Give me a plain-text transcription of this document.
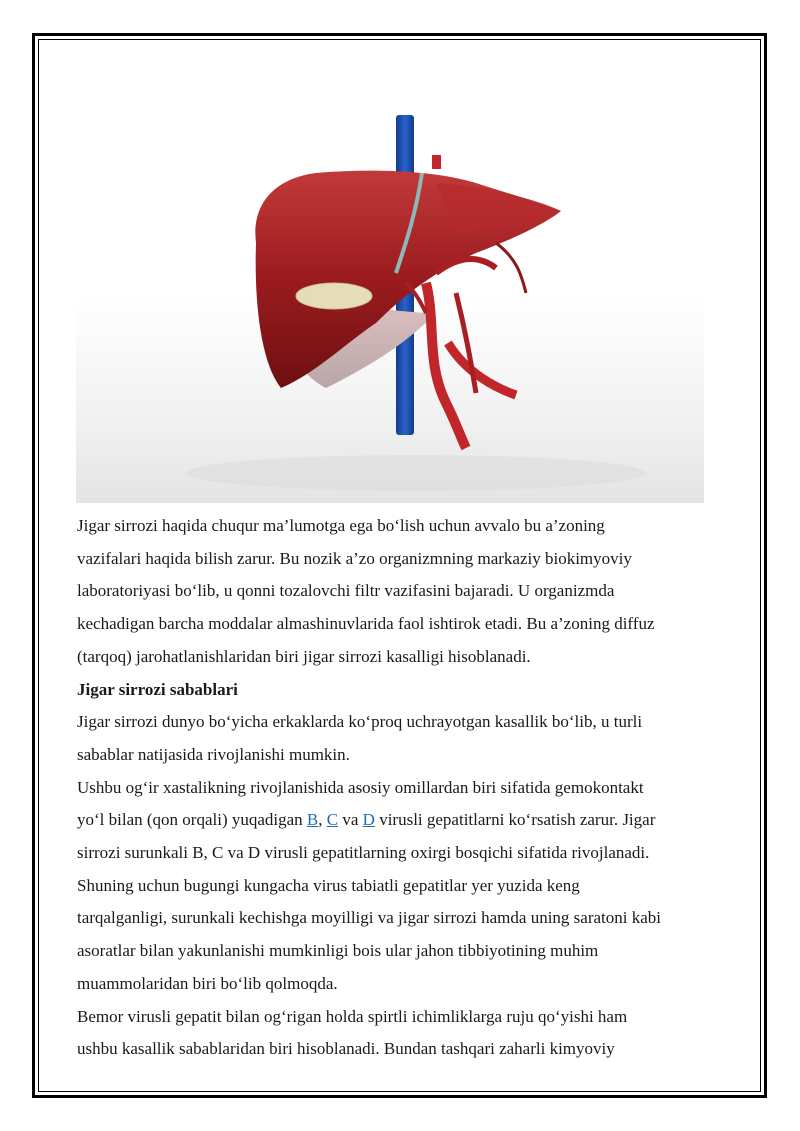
Jigar sirrozi haqida chuqur ma’lumotga ega bo‘lish uchun avvalo bu a’zoning
vazifalari haqida bilish zarur. Bu nozik a’zo organizmning markaziy biokimyoviy
laboratoriyasi bo‘lib, u qonni tozalovchi filtr vazifasini bajaradi. U organizmda
kechadigan barcha moddalar almashinuvlarida faol ishtirok etadi. Bu a’zoning diffuz
(tarqoq) jarohatlanishlaridan biri jigar sirrozi kasalligi hisoblanadi.

Jigar sirrozi sabablari

Jigar sirrozi dunyo bo‘yicha erkaklarda ko‘proq uchrayotgan kasallik bo‘lib, u turli
sabablar natijasida rivojlanishi mumkin.

Ushbu og‘ir xastalikning rivojlanishida asosiy omillardan biri sifatida gemokontakt
yo‘l bilan (qon orqali) yuqadigan B, C va D virusli gepatitlarni ko‘rsatish zarur. Jigar
sirrozi surunkali B, C va D virusli gepatitlarning oxirgi bosqichi sifatida rivojlanadi.
Shuning uchun bugungi kungacha virus tabiatli gepatitlar yer yuzida keng
tarqalganligi, surunkali kechishga moyilligi va jigar sirrozi hamda uning saratoni kabi
asoratlar bilan yakunlanishi mumkinligi bois ular jahon tibbiyotining muhim
muammolaridan biri bo‘lib qolmoqda.

Bemor virusli gepatit bilan og‘rigan holda spirtli ichimliklarga ruju qo‘yishi ham
ushbu kasallik sabablaridan biri hisoblanadi. Bundan tashqari zaharli kimyoviy
